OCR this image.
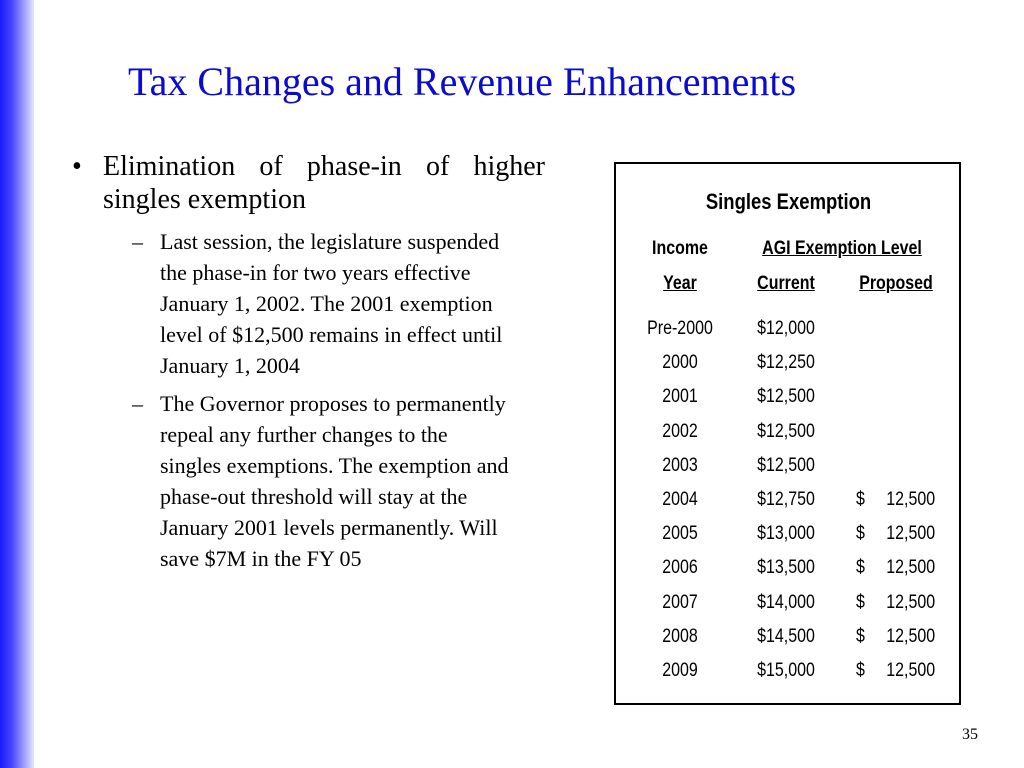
Tax Changes and Revenue Enhancements
• Elimination of phase-in of higher singles exemption
– Last session, the legislature suspended the phase-in for two years effective January 1, 2002. The 2001 exemption level of $12,500 remains in effect until January 1, 2004
– The Governor proposes to permanently repeal any further changes to the singles exemptions. The exemption and phase-out threshold will stay at the January 2001 levels permanently. Will save $7M in the FY 05
Singles Exemption
Income	AGI Exemption Level
Year	Current	Proposed
Pre-2000	$12,000
2000	$12,250
2001	$12,500
2002	$12,500
2003	$12,500
2004	$12,750	$ 12,500
2005	$13,000	$ 12,500
2006	$13,500	$ 12,500
2007	$14,000	$ 12,500
2008	$14,500	$ 12,500
2009	$15,000	$ 12,500
35
